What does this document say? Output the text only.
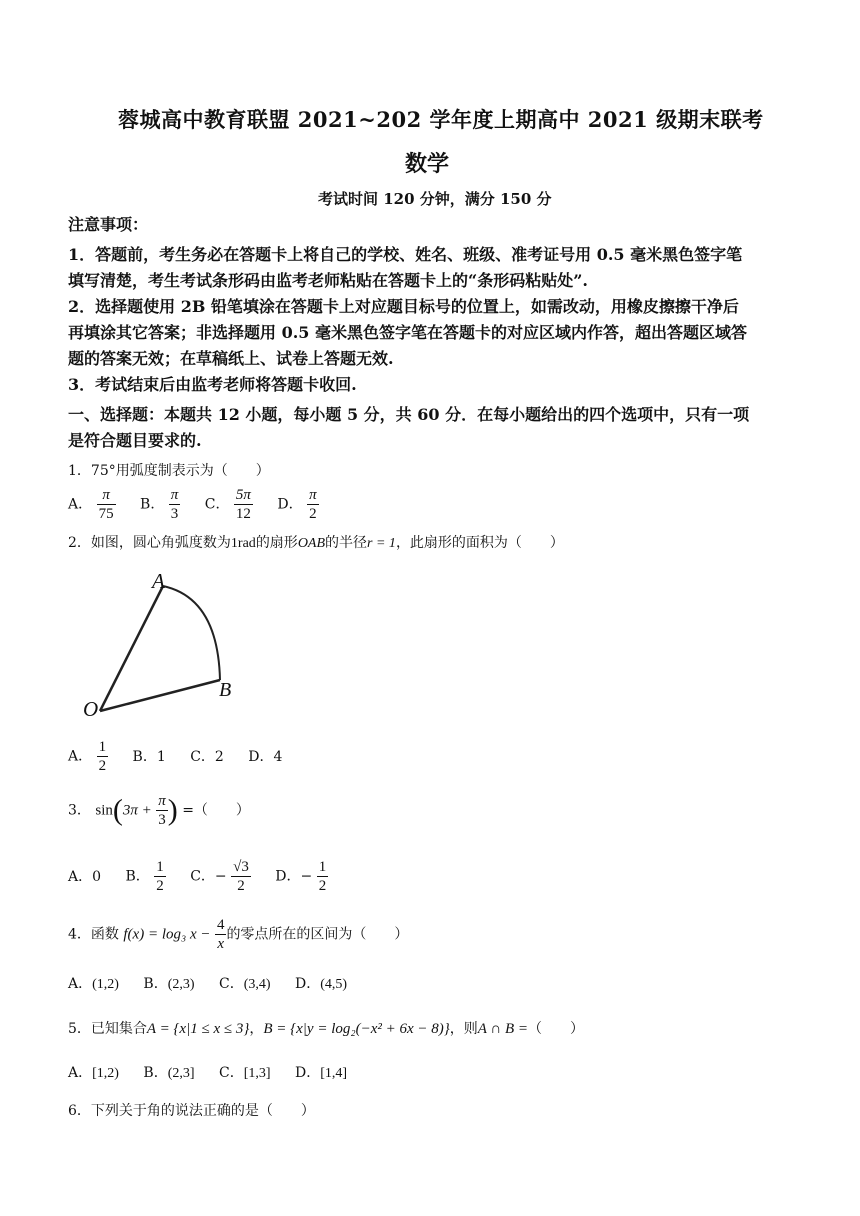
蓉城高中教育联盟 2021~202 学年度上期高中 2021 级期末联考
数学
考试时间 120 分钟，满分 150 分
注意事项：
1．答题前，考生务必在答题卡上将自己的学校、姓名、班级、准考证号用 0.5 毫米黑色签字笔
填写清楚，考生考试条形码由监考老师粘贴在答题卡上的“条形码粘贴处”.
2．选择题使用 2B 铅笔填涂在答题卡上对应题目标号的位置上，如需改动，用橡皮擦擦干净后
再填涂其它答案；非选择题用 0.5 毫米黑色签字笔在答题卡的对应区域内作答，超出答题区域答
题的答案无效；在草稿纸上、试卷上答题无效.
3．考试结束后由监考老师将答题卡收回.
一、选择题：本题共 12 小题，每小题 5 分，共 60 分．在每小题给出的四个选项中，只有一项
是符合题目要求的.
1．75°用弧度制表示为（　　）
A． $\frac{\pi}{75}$ B． $\frac{\pi}{3}$ C． $\frac{5\pi}{12}$ D． $\frac{\pi}{2}$
2．如图，圆心角弧度数为1rad的扇形OAB的半径r = 1，此扇形的面积为（　　）
A
B
O
A． $\frac{1}{2}$ B．1 C．2 D．4
3． $\sin(3\pi + \frac{\pi}{3}$ ) =（　　）
A．0 B． $\frac{1}{2}$ C．− $\frac{√3}{2}$ D．− $\frac{1}{2}$
4．函数 f(x) = log₃ $x - \frac{4}{x}$ 的零点所在的区间为（　　）
A．(1,2) B．(2,3) C．(3,4) D．(4,5)
5．已知集合A = {x|1 ≤ x ≤ 3}，B = {x|y = log₂(−x² + 6x − 8)}，则A ∩ B =（　　）
A．[1,2) B．(2,3] C．[1,3] D．[1,4]
6．下列关于角的说法正确的是（　　）
